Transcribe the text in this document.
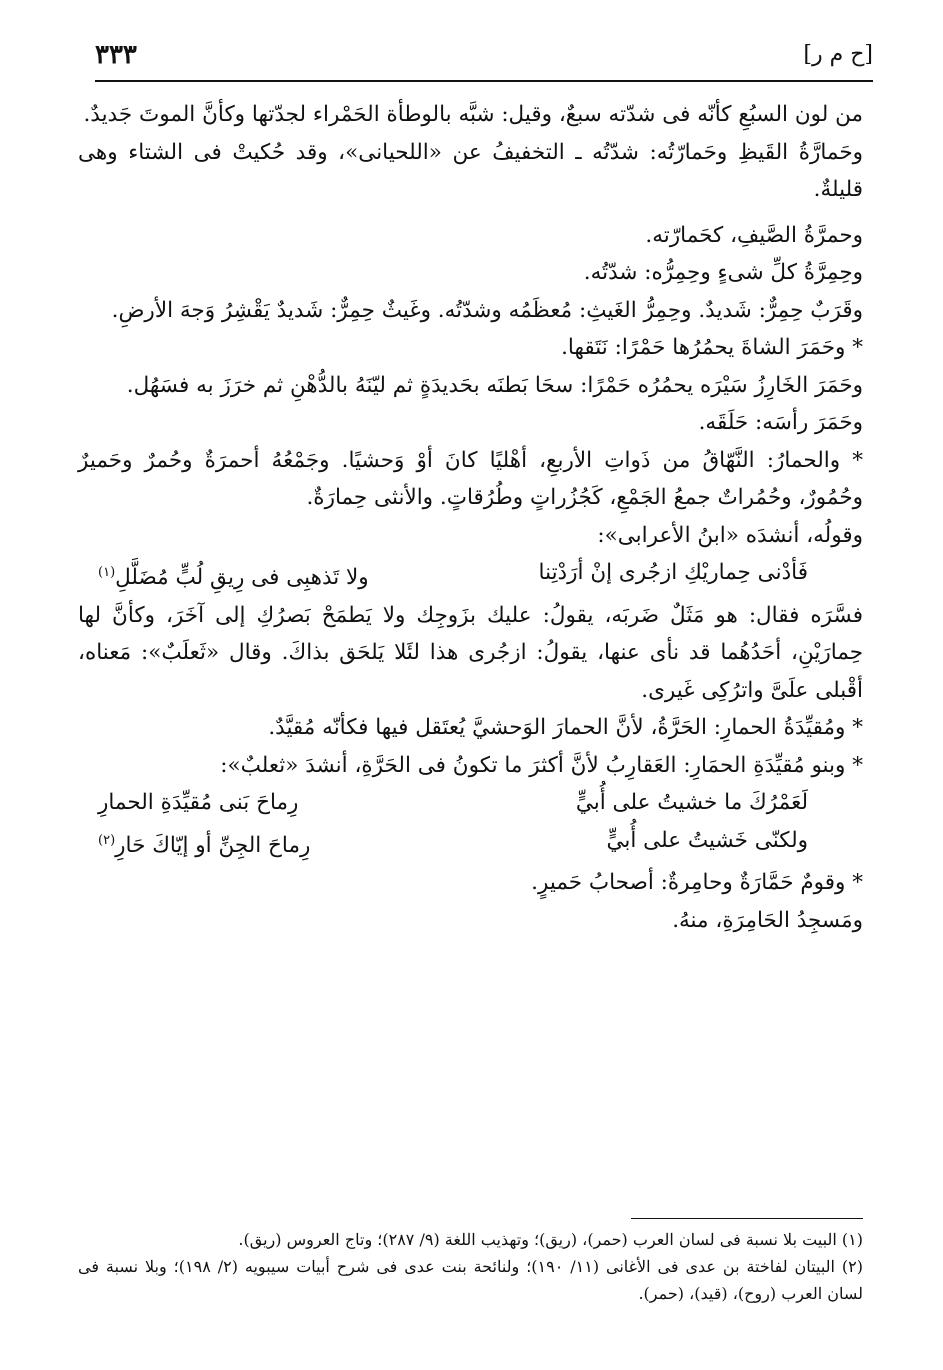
[ح م ر]
٣٣٣

من لون السبُعِ كأنّه فى شدّته سبعٌ، وقيل: شبَّه بالوطأة الحَمْراء لجدّتها وكأنَّ الموتَ جَديدٌ.

وحَمارَّةُ القَيظِ وحَمارّتُه: شدّتُه ـ التخفيفُ عن «اللحيانى»، وقد حُكيتْ فى الشتاء وهى قليلةٌ.

وحمرَّةُ الصَّيفِ، كحَمارّته.

وحِمِرَّةُ كلِّ شىءٍ وحِمِرُّه: شدّتُه.

وقَرَبٌ حِمِرٌّ: شَديدٌ. وحِمِرُّ الغَيثِ: مُعظَمُه وشدّتُه. وغَيثٌ حِمِرٌّ: شَديدٌ يَقْشِرُ وَجهَ الأرضِ.

* وحَمَرَ الشاةَ يحمُرُها حَمْرًا: نَتَقها.

وحَمَرَ الخَارِزُ سَيْرَه يحمُرُه حَمْرًا: سحَا بَطنَه بحَديدَةٍ ثم ليّنَهُ بالدُّهْنِ ثم خرَزَ به فسَهُل.

وحَمَرَ رأسَه: حَلَقَه.

* والحمارُ: النَّهّاقُ من ذَواتِ الأربعِ، أهْليًا كانَ أوْ وَحشيًا. وجَمْعُهُ أحمرَةٌ وحُمرٌ وحَميرٌ وحُمُورٌ، وحُمُراتٌ جمعُ الجَمْعِ، كَجُزُراتٍ وطُرُقاتٍ. والأنثى حِمارَةٌ.

وقولُه، أنشدَه «ابنُ الأعرابى»:

فَأدْنى حِماريْكِ ازجُرى إنْ أرَدْتِنا
ولا تَذهبِى فى رِيقِ لُبٍّ مُضَلَّلِ$^{(١)}$

فسَّرَه فقال: هو مَثَلٌ ضَربَه، يقولُ: عليك بزَوجِك ولا يَطمَحْ بَصرُكِ إلى آخَرَ، وكأنَّ لها حِمارَيْنِ، أحَدُهُما قد نأى عنها، يقولُ: ازجُرى هذا لئَلا يَلحَق بذاكَ. وقال «ثَعلَبٌ»: مَعناه، أقْبلى علَىَّ واترُكِى غَيرى.

* ومُقيِّدَةُ الحمارِ: الحَرَّةُ، لأنَّ الحمارَ الوَحشيَّ يُعتَقل فيها فكأنّه مُقيَّدٌ.

* وبنو مُقيِّدَةِ الحمَارِ: العَقارِبُ لأنَّ أكثرَ ما تكونُ فى الحَرَّةِ، أنشدَ «ثعلبٌ»:

لَعَمْرُكَ ما خشيتُ على أُبيٍّ
رِماحَ بَنى مُقيِّدَةِ الحمارِ
ولكنّى خَشيتُ على أُبيٍّ
رِماحَ الجِنِّ أو إيّاكَ حَارِ$^{(٢)}$

* وقومٌ حَمَّارَةٌ وحامِرةٌ: أصحابُ حَميرٍ.

ومَسجِدُ الحَامِرَةِ، منهُ.

(١) البيت بلا نسبة فى لسان العرب (حمر)، (ريق)؛ وتهذيب اللغة (٩/ ٢٨٧)؛ وتاج العروس (ريق).

(٢) البيتان لفاختة بن عدى فى الأغانى (١١/ ١٩٠)؛ ولنائحة بنت عدى فى شرح أبيات سيبويه (٢/ ١٩٨)؛ وبلا نسبة فى لسان العرب (روح)، (قيد)، (حمر).
